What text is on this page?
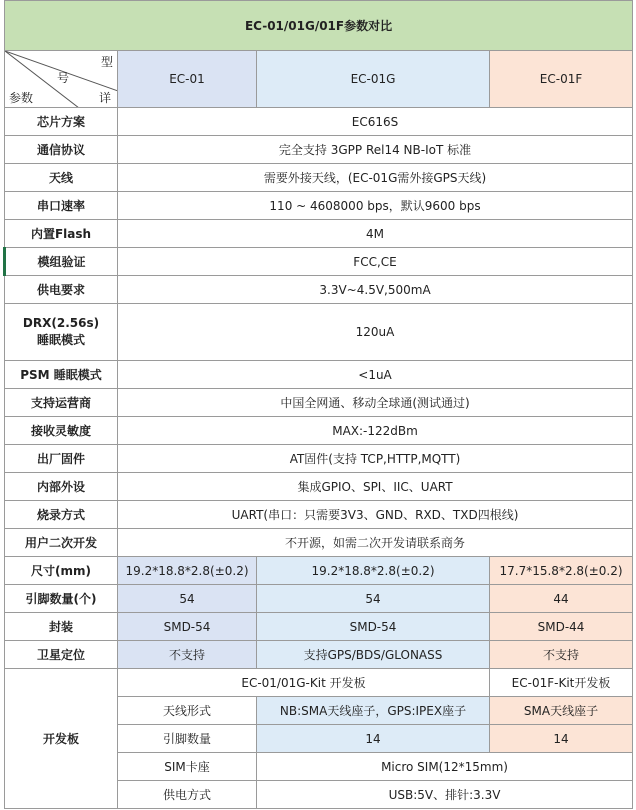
EC-01/01G/01F参数对比			

型
号
详
参数	EC-01	EC-01G	EC-01F
芯片方案	EC616S		
通信协议	完全支持 3GPP Rel14 NB-IoT 标准		
天线	需要外接天线，(EC-01G需外接GPS天线)		
串口速率	110 ~ 4608000 bps，默认9600 bps		
内置Flash	4M		
模组验证	FCC,CE		
供电要求	3.3V~4.5V,500mA		

DRX(2.56s)
睡眠模式	120uA		
PSM 睡眠模式	<1uA		
支持运营商	中国全网通、移动全球通(测试通过)		
接收灵敏度	MAX:-122dBm		
出厂固件	AT固件(支持 TCP,HTTP,MQTT)		
内部外设	集成GPIO、SPI、IIC、UART		
烧录方式	UART(串口：只需要3V3、GND、RXD、TXD四根线)		
用户二次开发	不开源，如需二次开发请联系商务		
尺寸(mm)	19.2*18.8*2.8(±0.2)	19.2*18.8*2.8(±0.2)	17.7*15.8*2.8(±0.2)
引脚数量(个)	54	54	44
封装	SMD-54	SMD-54	SMD-44
卫星定位	不支持	支持GPS/BDS/GLONASS	不支持
开发板	EC-01/01G-Kit 开发板		EC-01F-Kit开发板
	天线形式	NB:SMA天线座子，GPS:IPEX座子	SMA天线座子
	引脚数量	14	14
	SIM卡座	Micro SIM(12*15mm)	
	供电方式	USB:5V、排针:3.3V	
